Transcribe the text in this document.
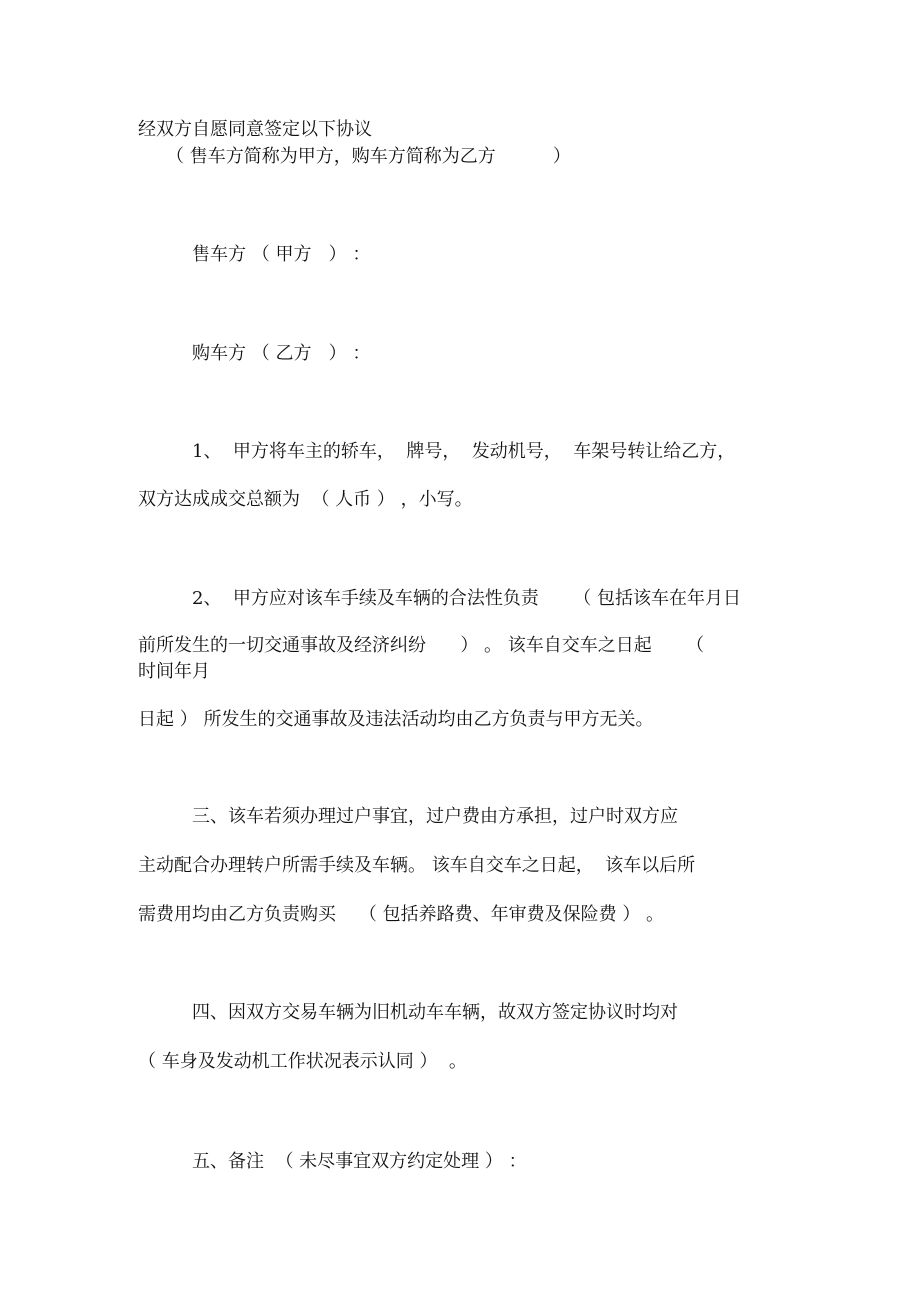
经双方自愿同意签定以下协议

（ 售车方简称为甲方，购车方简称为乙方          ）

售车方 （ 甲方   ） ：

购车方 （ 乙方   ） ：

1、  甲方将车主的轿车，  牌号，  发动机号，  车架号转让给乙方，

双方达成成交总额为  （ 人币 ） ，小写。

2、  甲方应对该车手续及车辆的合法性负责      （ 包括该车在年月日

前所发生的一切交通事故及经济纠纷      ） 。 该车自交车之日起      （

时间年月

日起 ） 所发生的交通事故及违法活动均由乙方负责与甲方无关。

三、该车若须办理过户事宜，过户费由方承担，过户时双方应

主动配合办理转户所需手续及车辆。 该车自交车之日起，  该车以后所

需费用均由乙方负责购买    （ 包括养路费、年审费及保险费 ） 。

四、因双方交易车辆为旧机动车车辆，故双方签定协议时均对

（ 车身及发动机工作状况表示认同 ）  。

五、备注  （ 未尽事宜双方约定处理 ） ：
